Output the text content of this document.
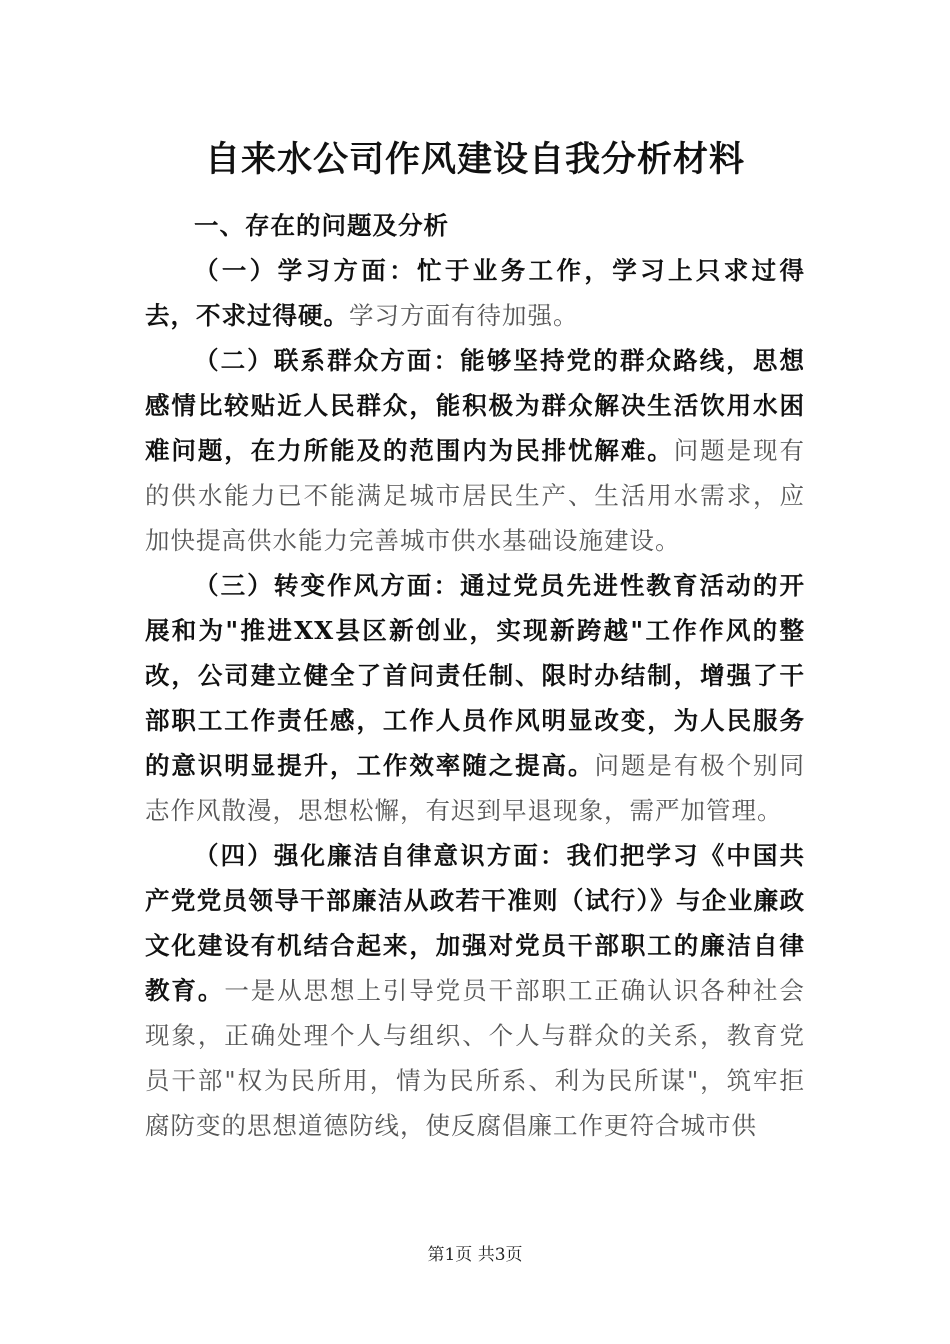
自来水公司作风建设自我分析材料

一、存在的问题及分析

（一）学习方面：忙于业务工作，学习上只求过得去，不求过得硬。学习方面有待加强。

（二）联系群众方面：能够坚持党的群众路线，思想感情比较贴近人民群众，能积极为群众解决生活饮用水困难问题，在力所能及的范围内为民排忧解难。问题是现有的供水能力已不能满足城市居民生产、生活用水需求，应加快提高供水能力完善城市供水基础设施建设。

（三）转变作风方面：通过党员先进性教育活动的开展和为"推进XX县区新创业，实现新跨越"工作作风的整改，公司建立健全了首问责任制、限时办结制，增强了干部职工工作责任感，工作人员作风明显改变，为人民服务的意识明显提升，工作效率随之提高。问题是有极个别同志作风散漫，思想松懈，有迟到早退现象，需严加管理。

（四）强化廉洁自律意识方面：我们把学习《中国共产党党员领导干部廉洁从政若干准则（试行）》与企业廉政文化建设有机结合起来，加强对党员干部职工的廉洁自律教育。一是从思想上引导党员干部职工正确认识各种社会现象，正确处理个人与组织、个人与群众的关系，教育党员干部"权为民所用，情为民所系、利为民所谋"，筑牢拒腐防变的思想道德防线，使反腐倡廉工作更符合城市供

第1页 共3页
